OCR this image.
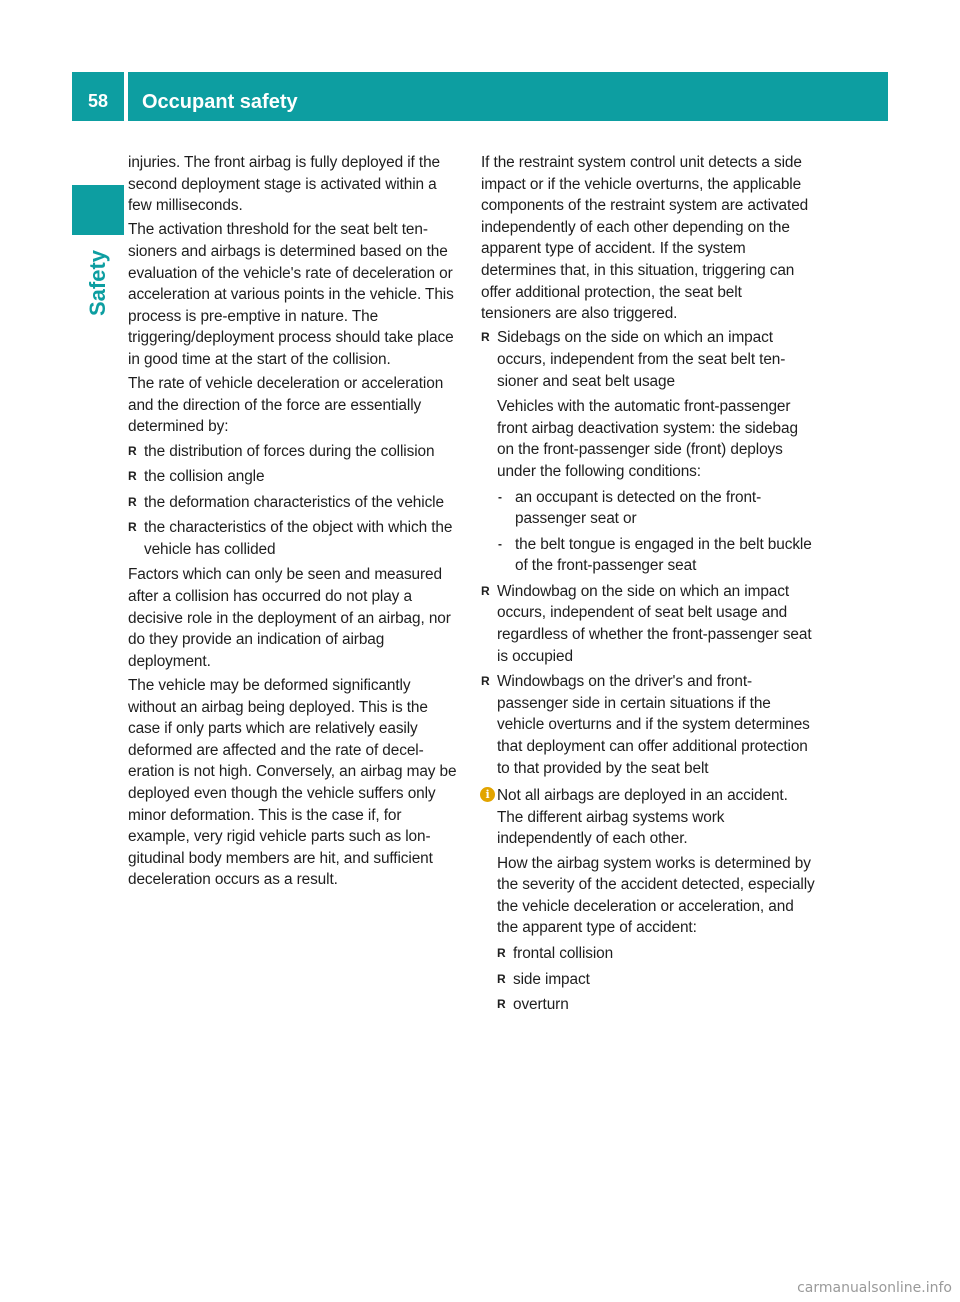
58	Occupant safety
Safety

injuries. The front airbag is fully deployed if the second deployment stage is activated within a few milliseconds.

The activation threshold for the seat belt tensioners and airbags is determined based on the evaluation of the vehicle's rate of deceleration or acceleration at various points in the vehicle. This process is pre-emptive in nature. The triggering/deployment process should take place in good time at the start of the collision.

The rate of vehicle deceleration or acceleration and the direction of the force are essentially determined by:

R the distribution of forces during the collision
R the collision angle
R the deformation characteristics of the vehicle
R the characteristics of the object with which the vehicle has collided

Factors which can only be seen and measured after a collision has occurred do not play a decisive role in the deployment of an airbag, nor do they provide an indication of airbag deployment.

The vehicle may be deformed significantly without an airbag being deployed. This is the case if only parts which are relatively easily deformed are affected and the rate of deceleration is not high. Conversely, an airbag may be deployed even though the vehicle suffers only minor deformation. This is the case if, for example, very rigid vehicle parts such as longitudinal body members are hit, and sufficient deceleration occurs as a result.

If the restraint system control unit detects a side impact or if the vehicle overturns, the applicable components of the restraint system are activated independently of each other depending on the apparent type of accident. If the system determines that, in this situation, triggering can offer additional protection, the seat belt tensioners are also triggered.

R Sidebags on the side on which an impact occurs, independent from the seat belt tensioner and seat belt usage
Vehicles with the automatic front-passenger front airbag deactivation system: the sidebag on the front-passenger side (front) deploys under the following conditions:
- an occupant is detected on the front-passenger seat or
- the belt tongue is engaged in the belt buckle of the front-passenger seat
R Windowbag on the side on which an impact occurs, independent of seat belt usage and regardless of whether the front-passenger seat is occupied
R Windowbags on the driver's and front-passenger side in certain situations if the vehicle overturns and if the system determines that deployment can offer additional protection to that provided by the seat belt
i Not all airbags are deployed in an accident. The different airbag systems work independently of each other.

How the airbag system works is determined by the severity of the accident detected, especially the vehicle deceleration or acceleration, and the apparent type of accident:

R frontal collision
R side impact
R overturn
carmanualsonline.info
